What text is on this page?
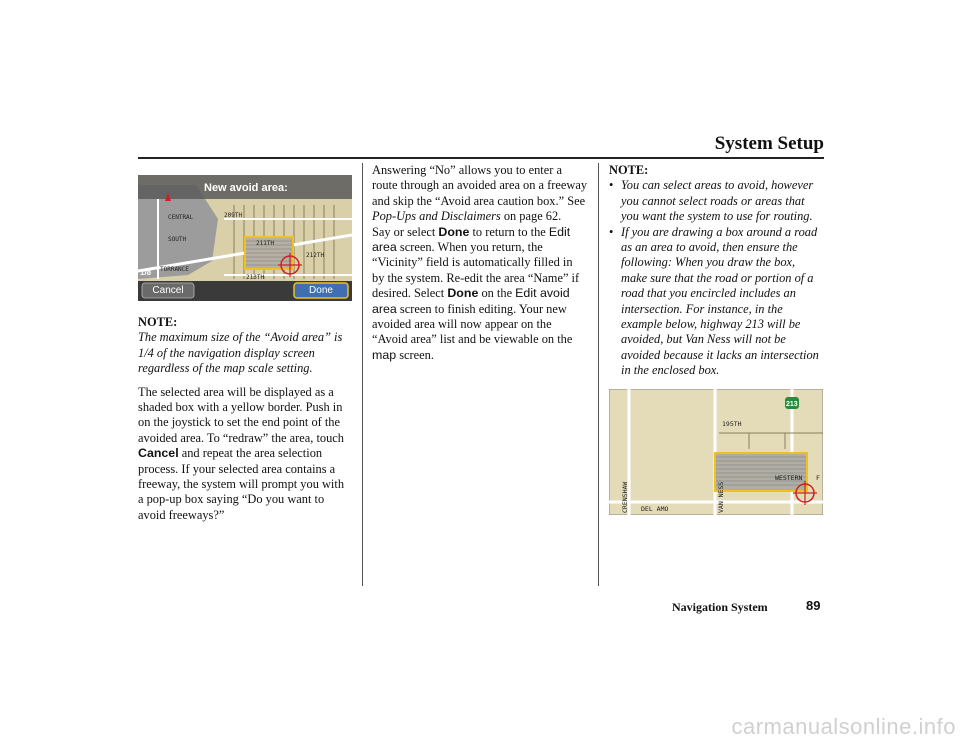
System Setup
New avoid area:
209TH
CENTRAL
SOUTH
211TH
212TH
213TH
TORRANCE
1/8
Cancel	Done

NOTE:

The maximum size of the “Avoid area” is 1/4 of the navigation display screen regardless of the map scale setting.

The selected area will be displayed as a shaded box with a yellow border. Push in on the joystick to set the end point of the avoided area. To “redraw” the area, touch Cancel and repeat the area selection process. If your selected area contains a freeway, the system will prompt you with a pop-up box saying “Do you want to avoid freeways?”

Answering “No” allows you to enter a route through an avoided area on a freeway and skip the “Avoid area caution box.” See Pop-Ups and Disclaimers on page 62.

Say or select Done to return to the Edit area screen. When you return, the “Vicinity” field is automatically filled in by the system. Re-edit the area “Name” if desired. Select Done on the Edit avoid area screen to finish editing. Your new avoided area will now appear on the “Avoid area” list and be viewable on the map screen.

NOTE:

• You can select areas to avoid, however you cannot select roads or areas that you want the system to use for routing.
• If you are drawing a box around a road as an area to avoid, then ensure the following: When you draw the box, make sure that the road or portion of a road that you encircled includes an intersection. For instance, in the example below, highway 213 will be avoided, but Van Ness will not be avoided because it lacks an intersection in the enclosed box.
213
195TH
DEL AMO
CRENSHAW	VAN NESS
WESTERN F
Navigation System	89
carmanualsonline.info
